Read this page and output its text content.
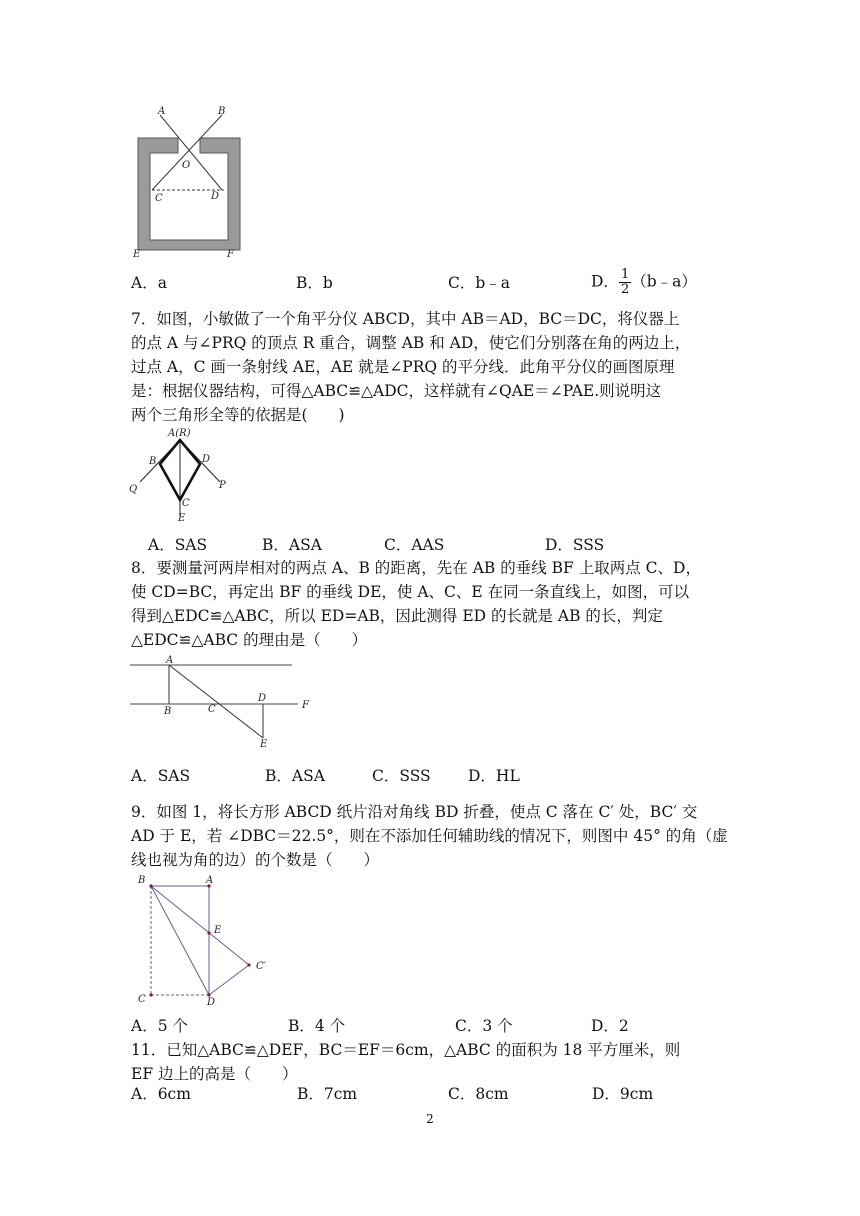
A	B
O
C	D
E	F
A．a	B．b	C．b﹣a	D． $\frac{1}{2}$ （b﹣a）
7．如图，小敏做了一个角平分仪 ABCD，其中 AB＝AD，BC＝DC，将仪器上
的点 A 与∠PRQ 的顶点 R 重合，调整 AB 和 AD，使它们分别落在角的两边上，
过点 A，C 画一条射线 AE，AE 就是∠PRQ 的平分线．此角平分仪的画图原理
是：根据仪器结构，可得△ABC≌△ADC，这样就有∠QAE＝∠PAE.则说明这
两个三角形全等的依据是(　　)
A(R)
B	D
Q	P
C
E
A．SAS	B．ASA	C．AAS	D．SSS
8．要测量河两岸相对的两点 A、B 的距离，先在 AB 的垂线 BF 上取两点 C、D，
使 CD=BC，再定出 BF 的垂线 DE，使 A、C、E 在同一条直线上，如图，可以
得到△EDC≌△ABC，所以 ED=AB，因此测得 ED 的长就是 AB 的长，判定
△EDC≌△ABC 的理由是（　　）
A
B	C
D
F
E
A．SAS	B．ASA	C．SSS D．HL
9．如图 1，将长方形 ABCD 纸片沿对角线 BD 折叠，使点 C 落在 C′ 处，BC′ 交
AD 于 E，若 ∠DBC＝22.5°，则在不添加任何辅助线的情况下，则图中 45° 的角（虚
线也视为角的边）的个数是（　　）
B	A
E
C′
C	D
A．5 个	B．4 个	C．3 个	D．2
11．已知△ABC≌△DEF，BC＝EF＝6cm，△ABC 的面积为 18 平方厘米，则
EF 边上的高是（　　）
A．6cm	B．7cm	C．8cm	D．9cm
2
